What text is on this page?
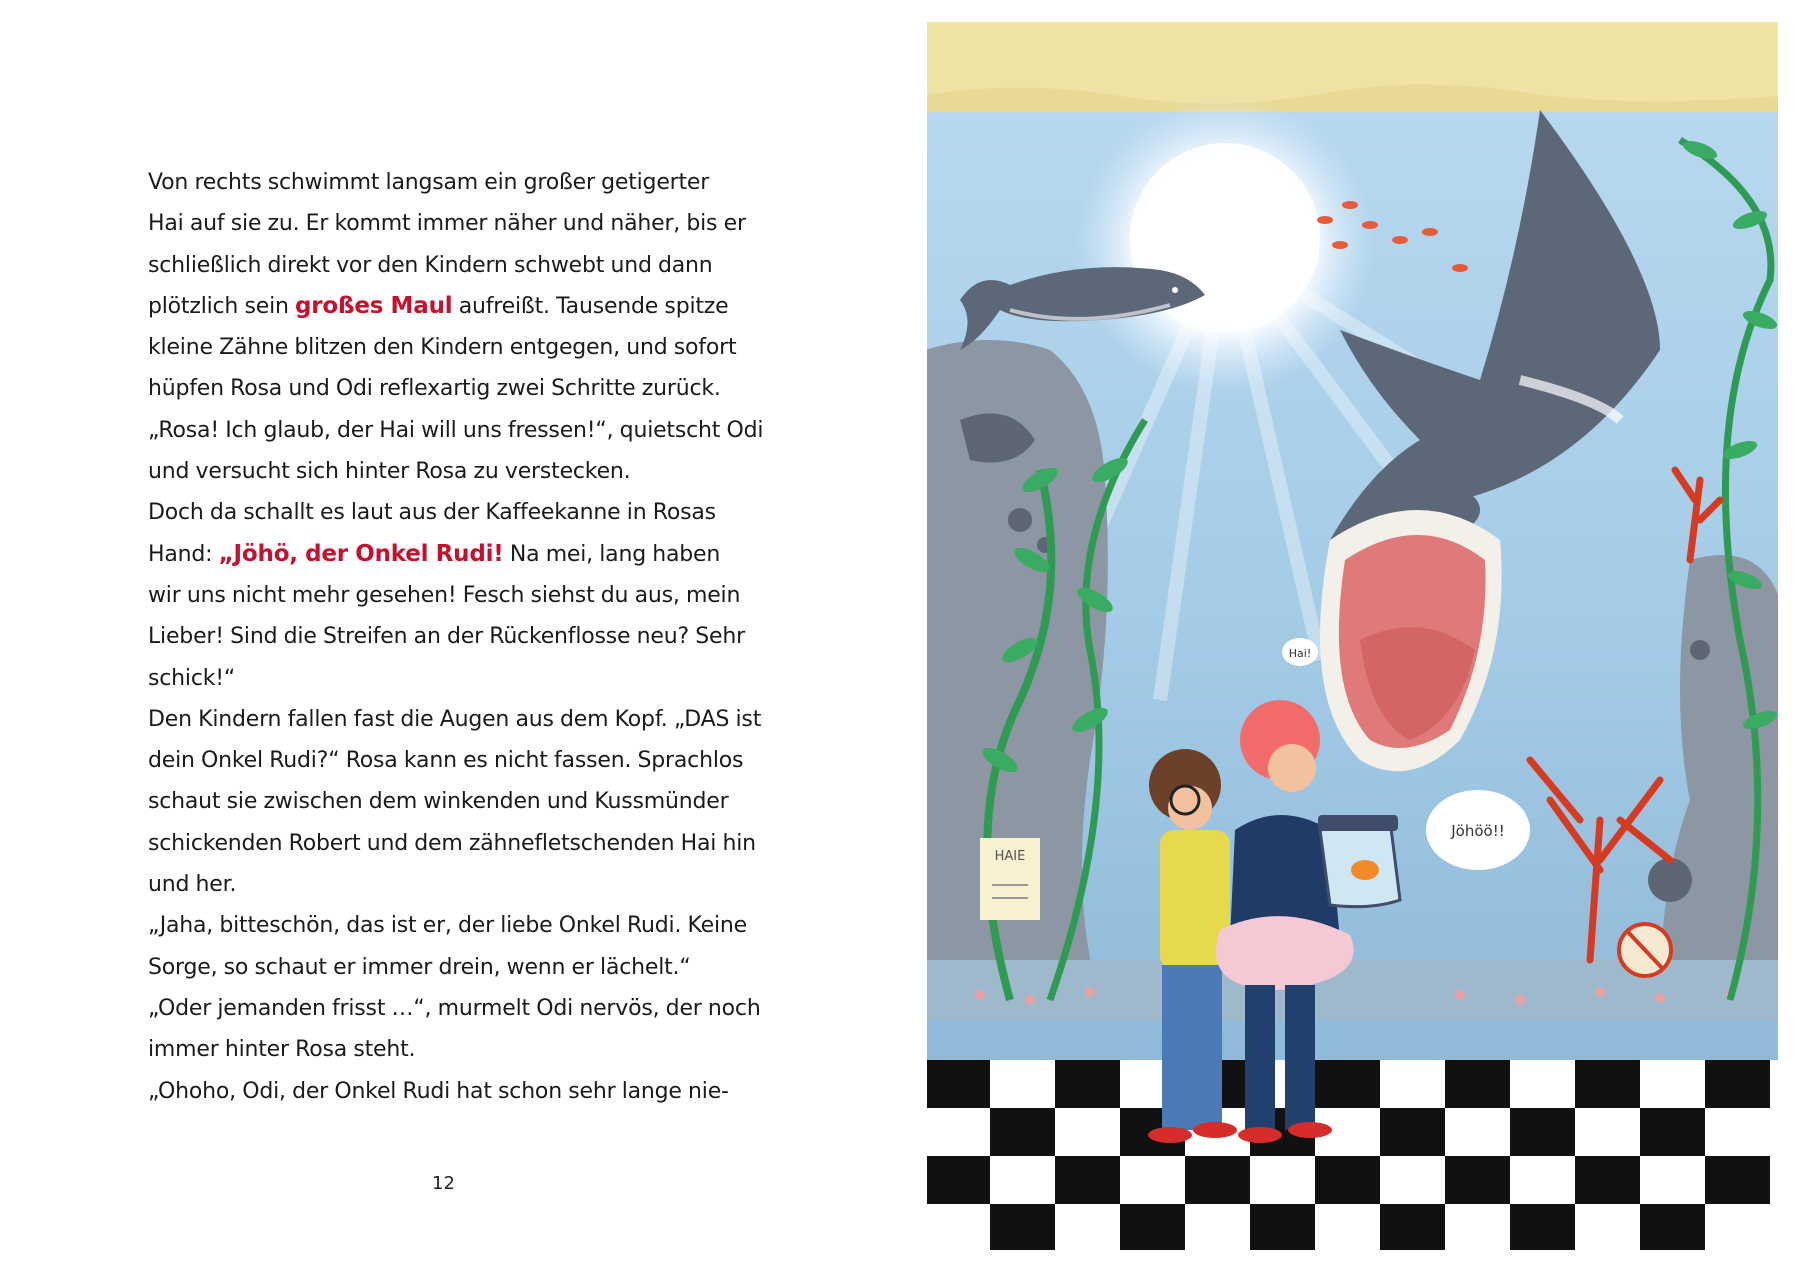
Von rechts schwimmt langsam ein großer getigerter
Hai auf sie zu. Er kommt immer näher und näher, bis er
schließlich direkt vor den Kindern schwebt und dann
plötzlich sein großes Maul aufreißt. Tausende spitze
kleine Zähne blitzen den Kindern entgegen, und sofort
hüpfen Rosa und Odi reflexartig zwei Schritte zurück.
„Rosa! Ich glaub, der Hai will uns fressen!“, quietscht Odi
und versucht sich hinter Rosa zu verstecken.
Doch da schallt es laut aus der Kaffeekanne in Rosas
Hand: „Jöhö, der Onkel Rudi! Na mei, lang haben
wir uns nicht mehr gesehen! Fesch siehst du aus, mein
Lieber! Sind die Streifen an der Rückenflosse neu? Sehr
schick!“
Den Kindern fallen fast die Augen aus dem Kopf. „DAS ist
dein Onkel Rudi?“ Rosa kann es nicht fassen. Sprachlos
schaut sie zwischen dem winkenden und Kussmünder
schickenden Robert und dem zähnefletschenden Hai hin
und her.
„Jaha, bitteschön, das ist er, der liebe Onkel Rudi. Keine
Sorge, so schaut er immer drein, wenn er lächelt.“
„Oder jemanden frisst …“, murmelt Odi nervös, der noch
immer hinter Rosa steht.
„Ohoho, Odi, der Onkel Rudi hat schon sehr lange nie-
12
Hai!
Jöhöö!!
HAIE
